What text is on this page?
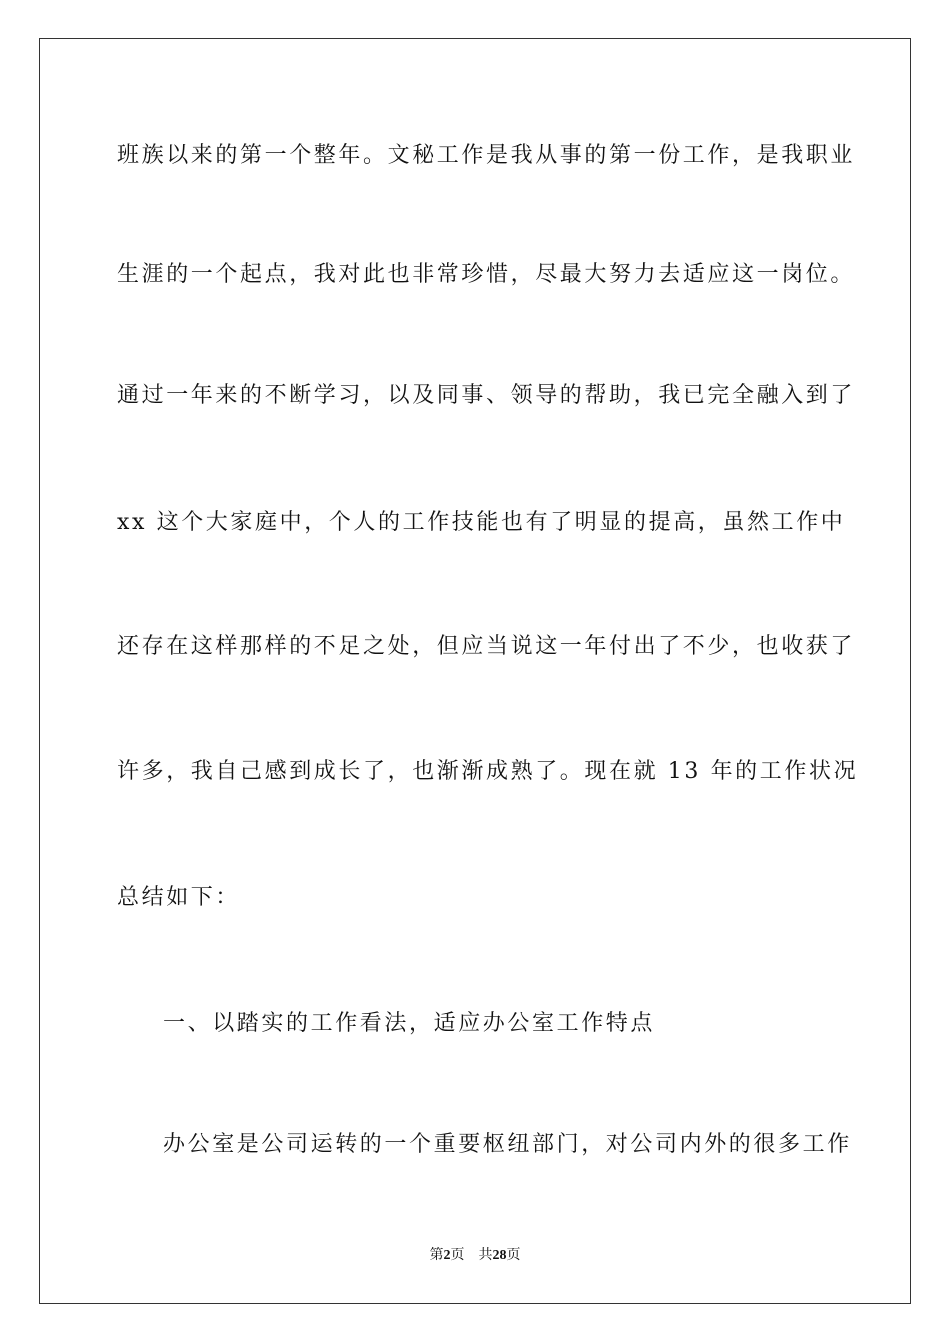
班族以来的第一个整年。文秘工作是我从事的第一份工作，是我职业
生涯的一个起点，我对此也非常珍惜，尽最大努力去适应这一岗位。
通过一年来的不断学习，以及同事、领导的帮助，我已完全融入到了
xx 这个大家庭中，个人的工作技能也有了明显的提高，虽然工作中
还存在这样那样的不足之处，但应当说这一年付出了不少，也收获了
许多，我自己感到成长了，也渐渐成熟了。现在就 13 年的工作状况
总结如下：
一、以踏实的工作看法，适应办公室工作特点
办公室是公司运转的一个重要枢纽部门，对公司内外的很多工作
第2页 共28页
